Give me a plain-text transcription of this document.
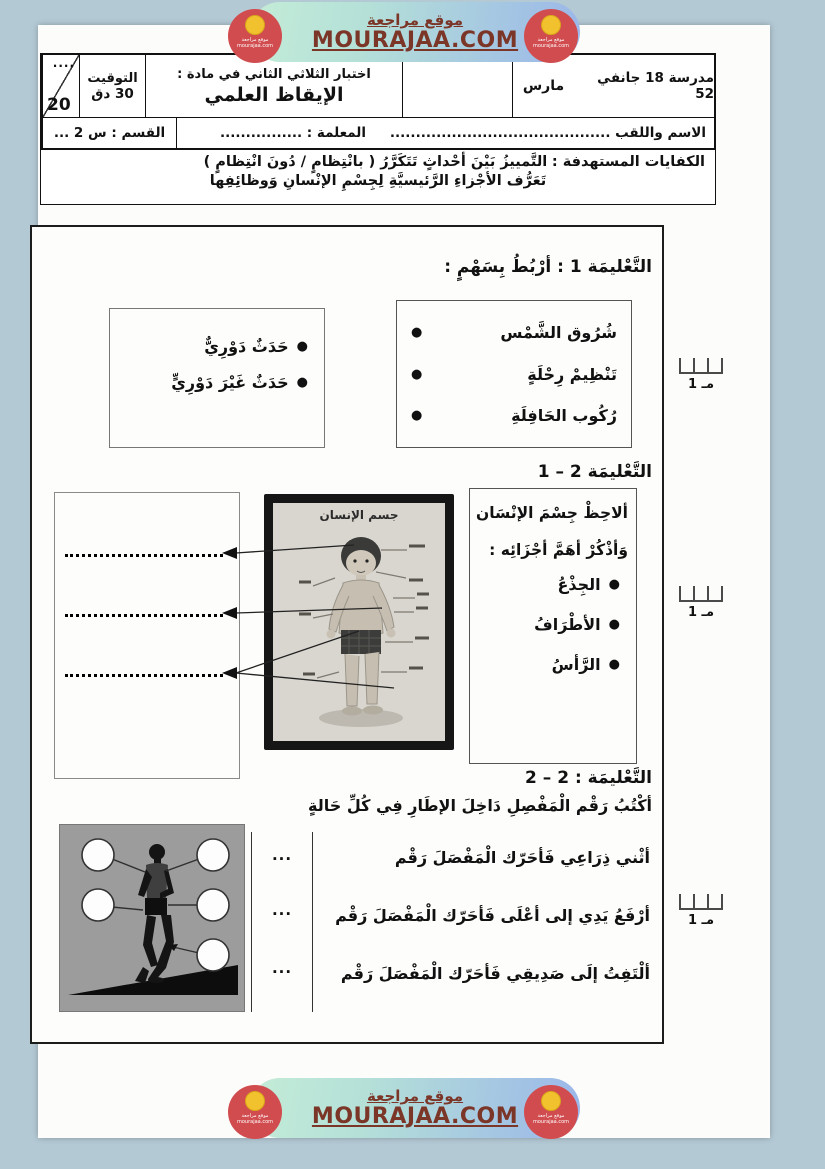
موقع مراجعة
MOURAJAA.COM
موقع مراجعة
mourajaa.com
موقع مراجعة
mourajaa.com
مدرسة 18 جانفي 52
مارس
اختبار الثلاثي الثاني في مادة :
الإيقاظ العلمي
التوقيت
30 دق
....
20
الاسم واللقب ...........................................
المعلمة : ................
القسم : س 2 ...
الكفايات المستهدفة : التَّمييزُ بَيْنَ أحْداثٍ تَتَكَرَّرُ ( بانْتِظامٍ / دُونَ انْتِظامٍ )
تَعَرُّف الأجْزاءِ الرَّئيسيَّةِ لِجِسْمِ الإنْسانِ وَوظائِفِها
التَّعْليمَة 1 : أرْبُطُ بِسَهْمٍ :
شُرُوق الشَّمْس
●
تَنْظِيمْ رِحْلَةٍ
●
رُكُوب الحَافِلَةِ
●
●
حَدَثٌ دَوْرِيٌّ
●
حَدَثٌ غَيْرَ دَوْرِيٍّ
التَّعْليمَة 2 – 1

ألاحِظْ جِسْمَ الإنْسَان

وَأذْكُرْ أهَمَّ أجْزَائِه :

●
الجِذْعُ
●
الأطْرَافُ
●
الرَّأسُ
جسم الإنسان
التَّعْليمَة : 2 – 2
أكْتُبُ رَقْم الْمَفْصِلِ دَاخِلَ الإطَارِ فِي كُلِّ حَالةٍ
...
...
...
أثْني ذِرَاعِي فَأحَرّك الْمَفْصَلَ رَقْم
أرْفَعُ يَدِي إلى أعْلَى فَأحَرّك الْمَفْصَلَ رَقْم
ألْتَفِتُ إلَى صَدِيقِي فَأحَرّك الْمَفْصَلَ رَقْم
مـ 1
مـ 1
مـ 1
موقع مراجعة
MOURAJAA.COM
موقع مراجعة
mourajaa.com
موقع مراجعة
mourajaa.com
